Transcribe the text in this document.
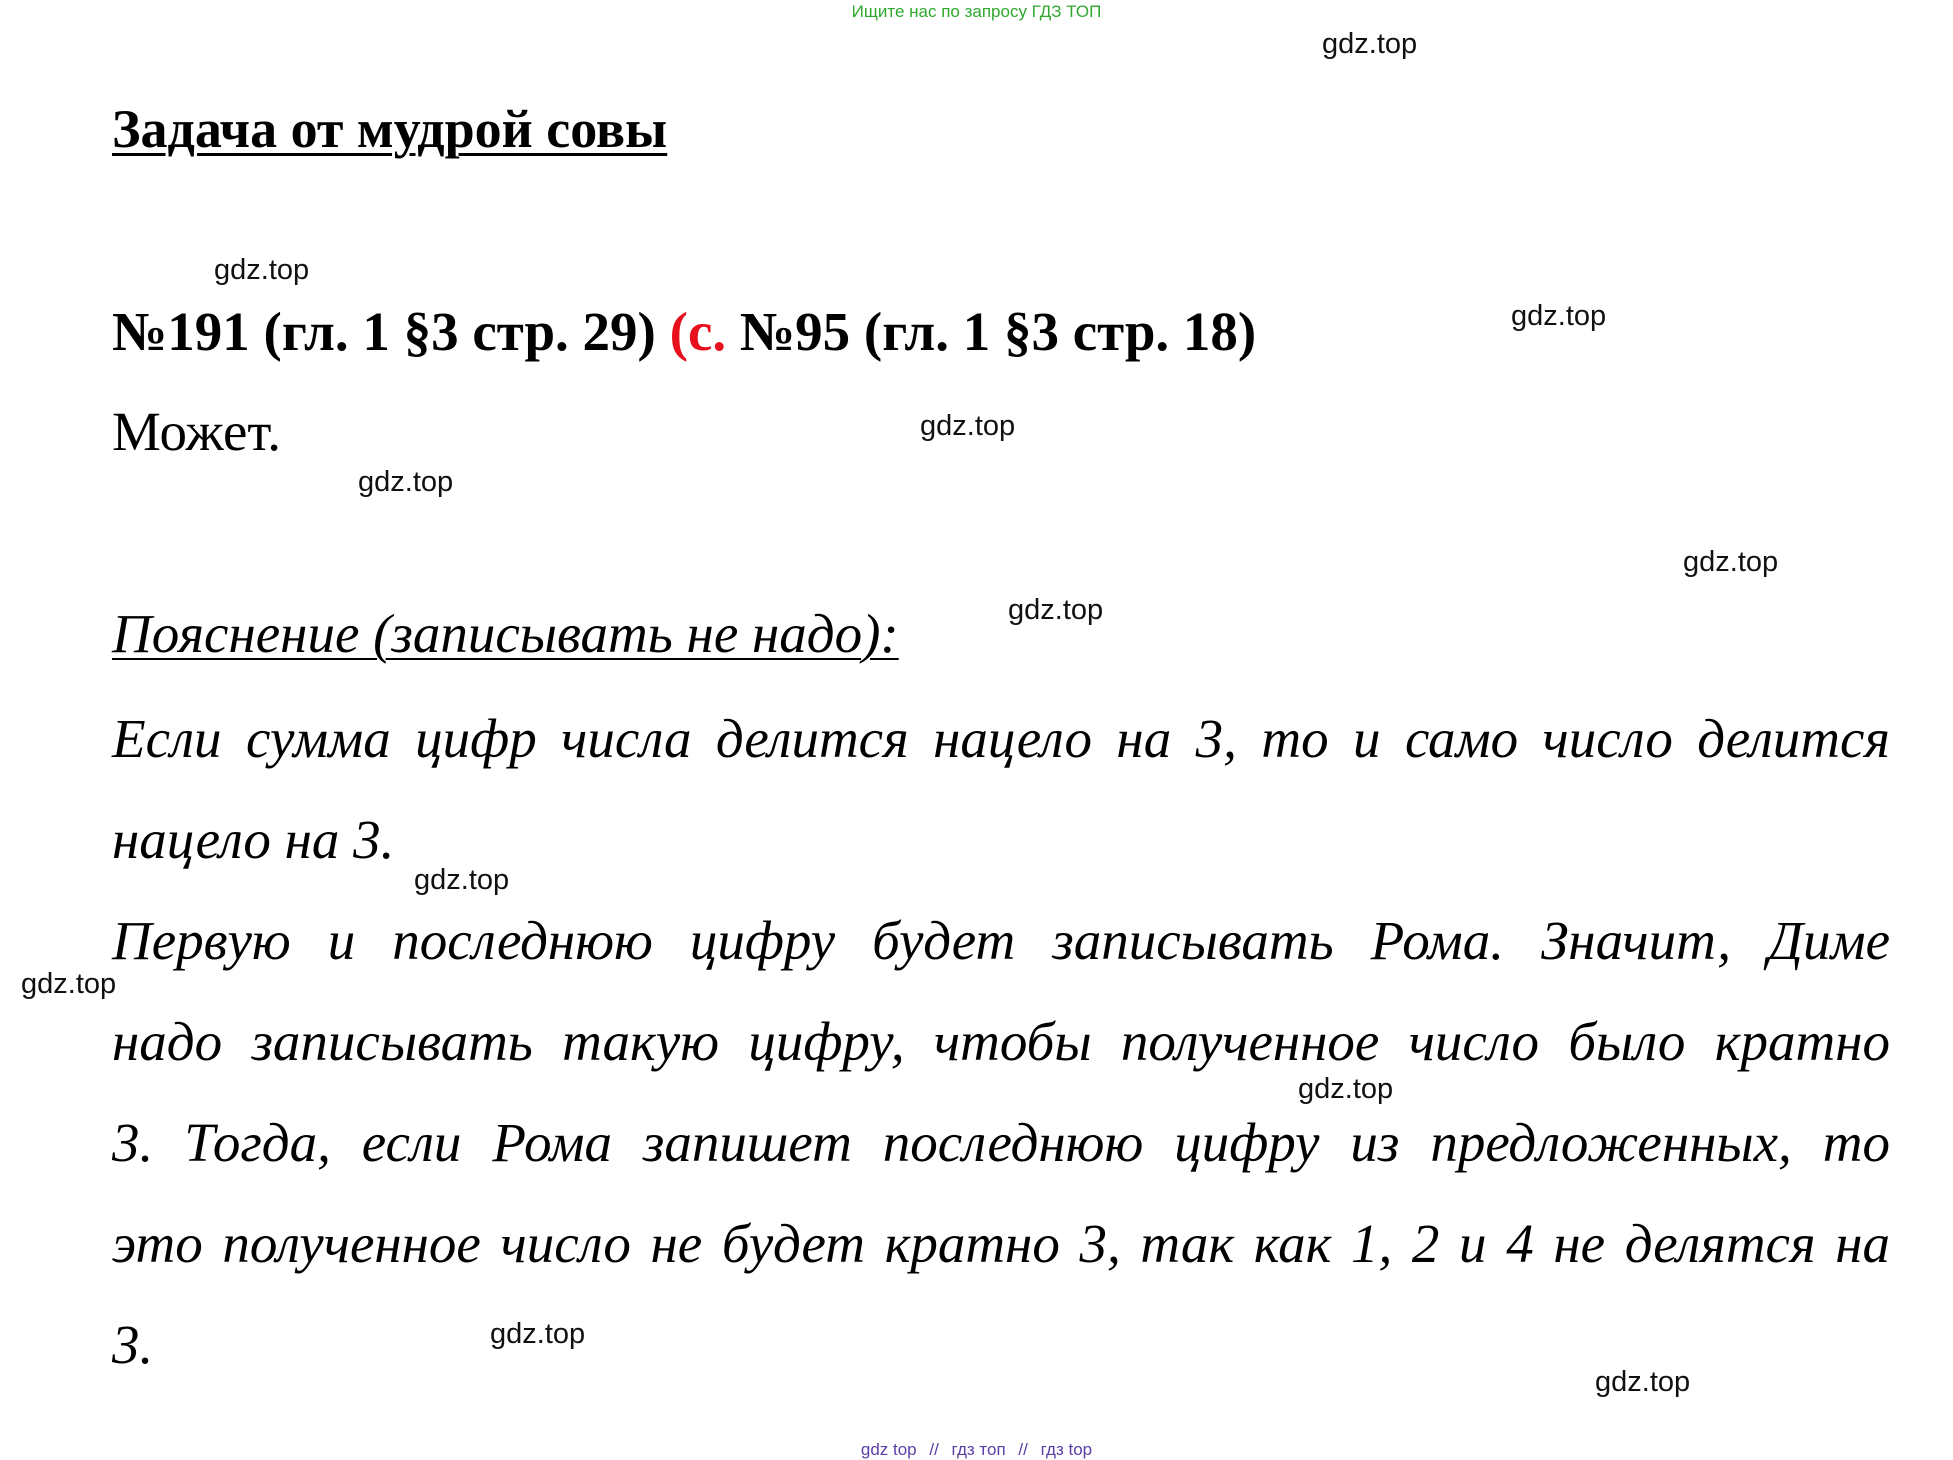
Ищите нас по запросу ГДЗ ТОП
gdz.top
gdz.top
gdz.top
gdz.top
gdz.top
gdz.top
gdz.top
gdz.top
gdz.top
gdz.top
gdz.top
gdz.top
Задача от мудрой совы
№191 (гл. 1 §3 стр. 29) (с. №95 (гл. 1 §3 стр. 18)
Может.
Пояснение (записывать не надо):
Если сумма цифр числа делится нацело на 3, то и само число делится
нацело на 3.
Первую и последнюю цифру будет записывать Рома. Значит, Диме
надо записывать такую цифру, чтобы полученное число было кратно
3. Тогда, если Рома запишет последнюю цифру из предложенных, то
это полученное число не будет кратно 3, так как 1, 2 и 4 не делятся на
3.
gdz top // гдз топ // гдз top
